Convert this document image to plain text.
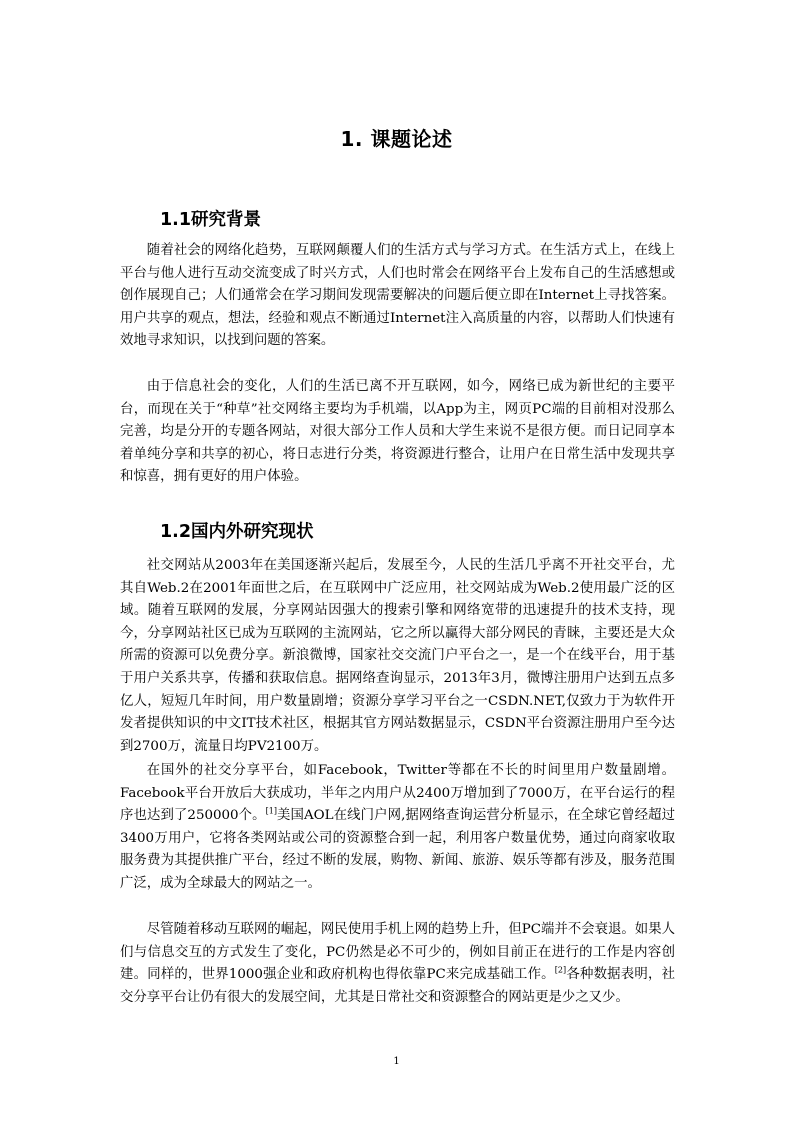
1. 课题论述
1.1研究背景

随着社会的网络化趋势，互联网颠覆人们的生活方式与学习方式。在生活方式上，在线上平台与他人进行互动交流变成了时兴方式，人们也时常会在网络平台上发布自己的生活感想或创作展现自己；人们通常会在学习期间发现需要解决的问题后便立即在Internet上寻找答案。用户共享的观点，想法，经验和观点不断通过Internet注入高质量的内容，以帮助人们快速有效地寻求知识，以找到问题的答案。

由于信息社会的变化，人们的生活已离不开互联网，如今，网络已成为新世纪的主要平台，而现在关于“种草”社交网络主要均为手机端，以App为主，网页PC端的目前相对没那么完善，均是分开的专题各网站，对很大部分工作人员和大学生来说不是很方便。而日记同享本着单纯分享和共享的初心，将日志进行分类，将资源进行整合，让用户在日常生活中发现共享和惊喜，拥有更好的用户体验。

1.2国内外研究现状

社交网站从2003年在美国逐渐兴起后，发展至今，人民的生活几乎离不开社交平台，尤其自Web.2在2001年面世之后，在互联网中广泛应用，社交网站成为Web.2使用最广泛的区域。随着互联网的发展，分享网站因强大的搜索引擎和网络宽带的迅速提升的技术支持，现今，分享网站社区已成为互联网的主流网站，它之所以赢得大部分网民的青睐，主要还是大众所需的资源可以免费分享。新浪微博，国家社交交流门户平台之一，是一个在线平台，用于基于用户关系共享，传播和获取信息。据网络查询显示，2013年3月，微博注册用户达到五点多亿人，短短几年时间，用户数量剧增；资源分享学习平台之一CSDN.NET,仅致力于为软件开发者提供知识的中文IT技术社区，根据其官方网站数据显示，CSDN平台资源注册用户至今达到2700万，流量日均PV2100万。

在国外的社交分享平台，如Facebook，Twitter等都在不长的时间里用户数量剧增。Facebook平台开放后大获成功，半年之内用户从2400万增加到了7000万，在平台运行的程序也达到了250000个。[1]美国AOL在线门户网,据网络查询运营分析显示，在全球它曾经超过3400万用户，它将各类网站或公司的资源整合到一起，利用客户数量优势，通过向商家收取服务费为其提供推广平台，经过不断的发展，购物、新闻、旅游、娱乐等都有涉及，服务范围广泛，成为全球最大的网站之一。

尽管随着移动互联网的崛起，网民使用手机上网的趋势上升，但PC端并不会衰退。如果人们与信息交互的方式发生了变化，PC仍然是必不可少的，例如目前正在进行的工作是内容创建。同样的，世界1000强企业和政府机构也得依靠PC来完成基础工作。[2]各种数据表明，社交分享平台让仍有很大的发展空间，尤其是日常社交和资源整合的网站更是少之又少。

1
